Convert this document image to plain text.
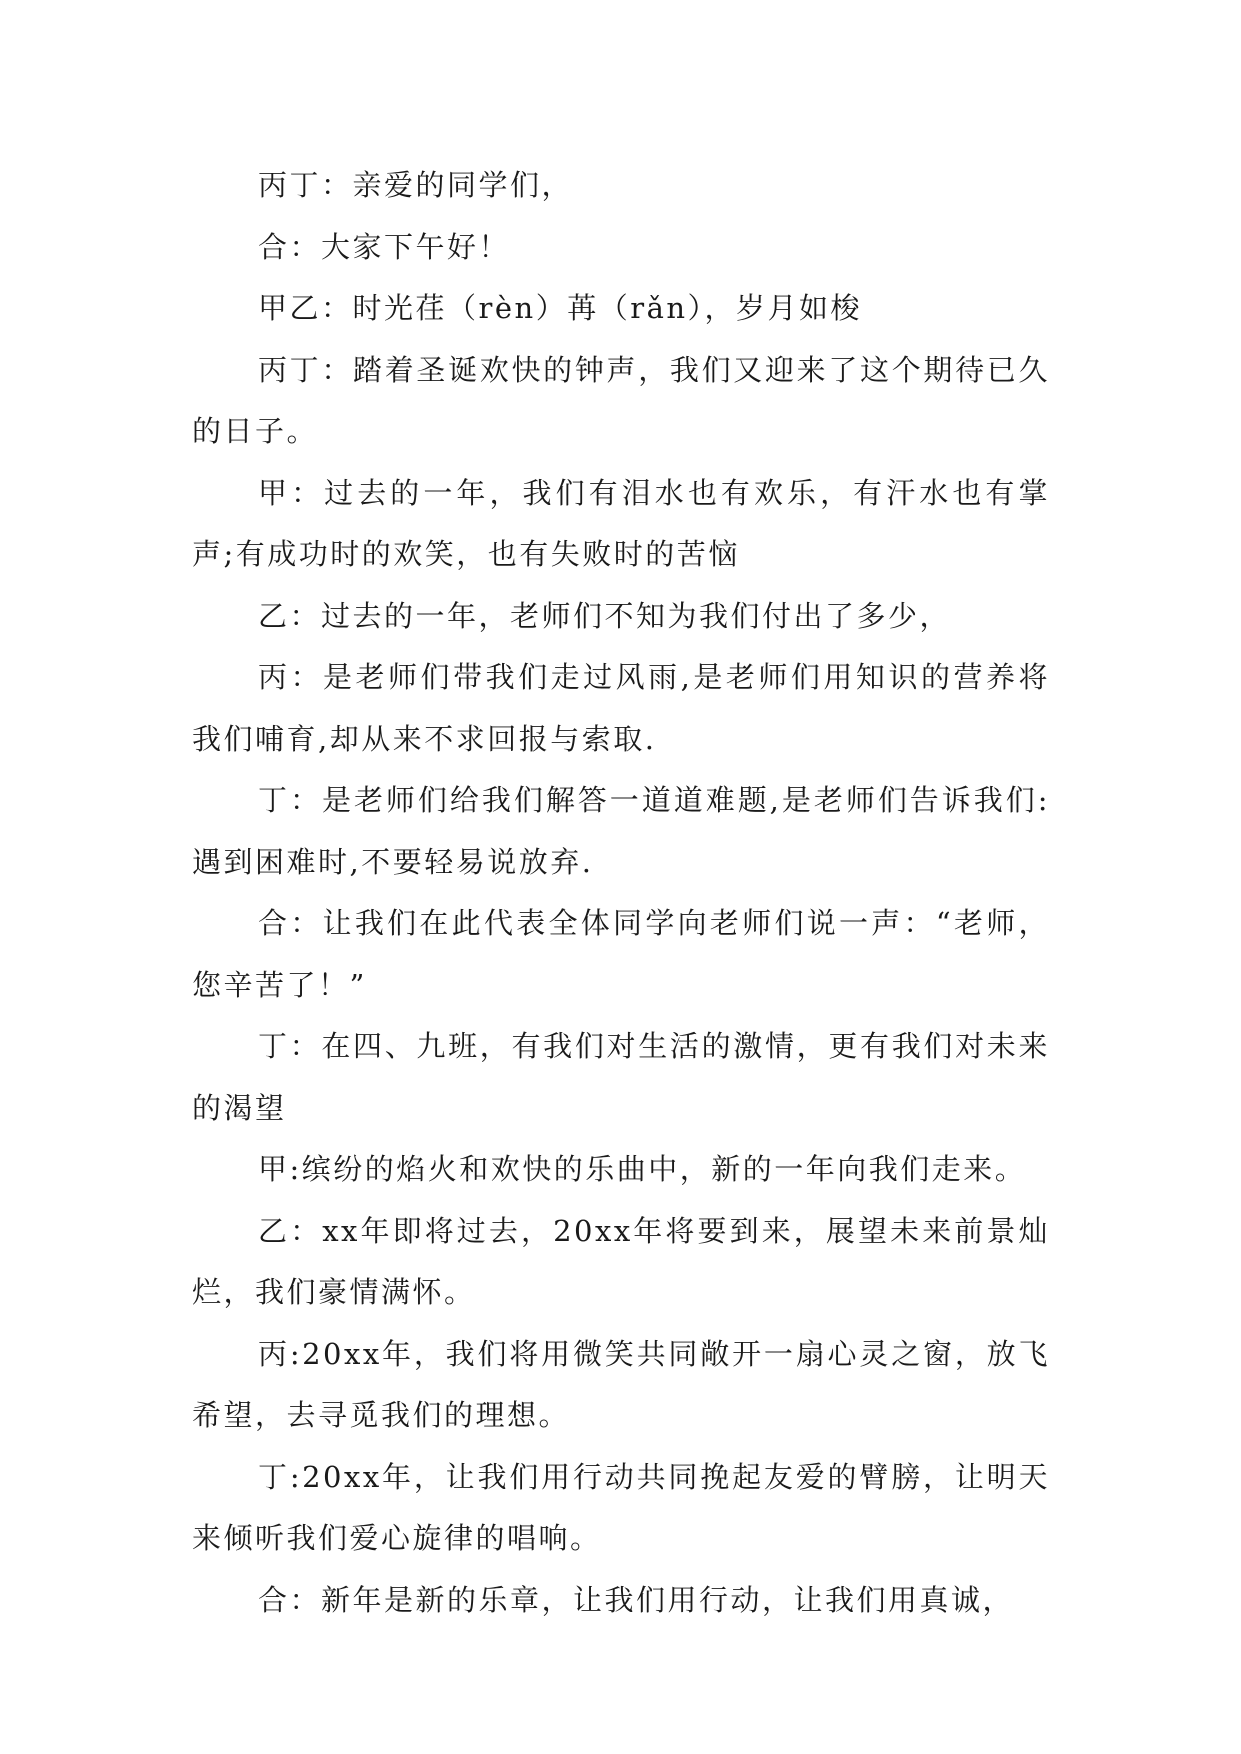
丙丁：亲爱的同学们，

合：大家下午好！

甲乙：时光荏（rèn）苒（rǎn），岁月如梭

丙丁：踏着圣诞欢快的钟声，我们又迎来了这个期待已久的日子。

甲：过去的一年，我们有泪水也有欢乐，有汗水也有掌声;有成功时的欢笑，也有失败时的苦恼

乙：过去的一年，老师们不知为我们付出了多少，

丙：是老师们带我们走过风雨,是老师们用知识的营养将我们哺育,却从来不求回报与索取.

丁：是老师们给我们解答一道道难题,是老师们告诉我们:遇到困难时,不要轻易说放弃.

合：让我们在此代表全体同学向老师们说一声：“老师，您辛苦了！”

丁：在四、九班，有我们对生活的激情，更有我们对未来的渴望

甲:缤纷的焰火和欢快的乐曲中，新的一年向我们走来。

乙：xx年即将过去，20xx年将要到来，展望未来前景灿烂，我们豪情满怀。

丙:20xx年，我们将用微笑共同敞开一扇心灵之窗，放飞希望，去寻觅我们的理想。

丁:20xx年，让我们用行动共同挽起友爱的臂膀，让明天来倾听我们爱心旋律的唱响。

合：新年是新的乐章，让我们用行动，让我们用真诚，
